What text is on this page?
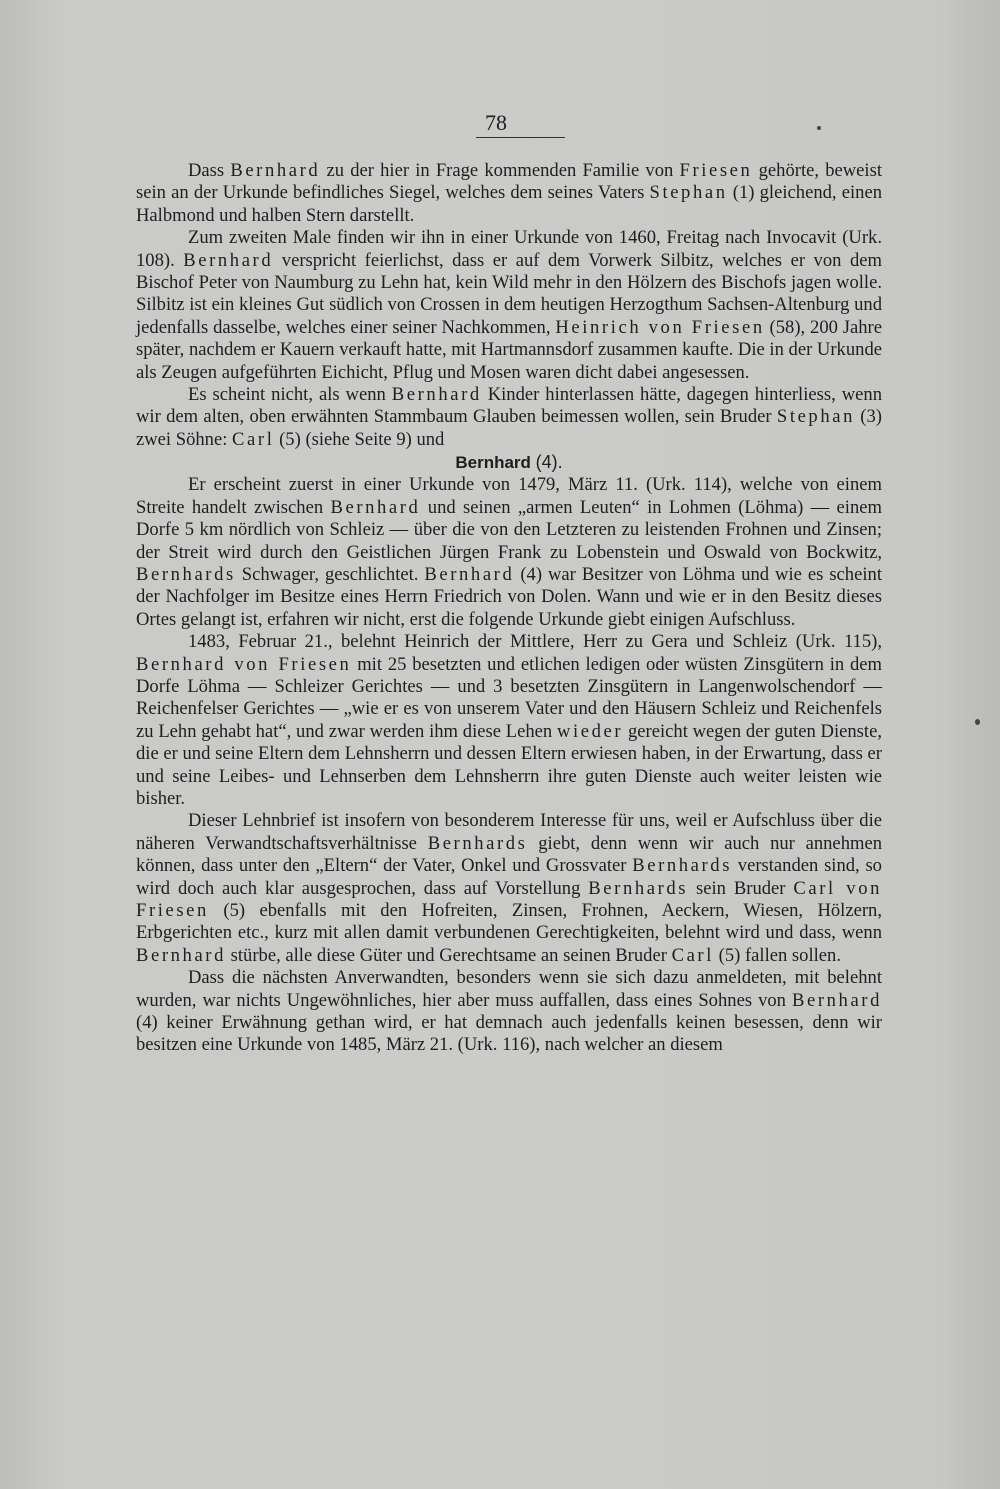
78

Dass Bernhard zu der hier in Frage kommenden Familie von Friesen gehörte, beweist sein an der Urkunde befindliches Siegel, welches dem seines Vaters Stephan (1) gleichend, einen Halbmond und halben Stern darstellt.

Zum zweiten Male finden wir ihn in einer Urkunde von 1460, Freitag nach Invocavit (Urk. 108). Bernhard verspricht feierlichst, dass er auf dem Vorwerk Silbitz, welches er von dem Bischof Peter von Naumburg zu Lehn hat, kein Wild mehr in den Hölzern des Bischofs jagen wolle. Silbitz ist ein kleines Gut südlich von Crossen in dem heutigen Herzogthum Sachsen-Altenburg und jedenfalls dasselbe, welches einer seiner Nachkommen, Heinrich von Friesen (58), 200 Jahre später, nachdem er Kauern verkauft hatte, mit Hartmannsdorf zusammen kaufte. Die in der Urkunde als Zeugen aufgeführten Eichicht, Pflug und Mosen waren dicht dabei angesessen.

Es scheint nicht, als wenn Bernhard Kinder hinterlassen hätte, dagegen hinterliess, wenn wir dem alten, oben erwähnten Stammbaum Glauben beimessen wollen, sein Bruder Stephan (3) zwei Söhne: Carl (5) (siehe Seite 9) und

Bernhard (4).

Er erscheint zuerst in einer Urkunde von 1479, März 11. (Urk. 114), welche von einem Streite handelt zwischen Bernhard und seinen „armen Leuten“ in Lohmen (Löhma) — einem Dorfe 5 km nördlich von Schleiz — über die von den Letzteren zu leistenden Frohnen und Zinsen; der Streit wird durch den Geistlichen Jürgen Frank zu Lobenstein und Oswald von Bockwitz, Bernhards Schwager, geschlichtet. Bernhard (4) war Besitzer von Löhma und wie es scheint der Nachfolger im Besitze eines Herrn Friedrich von Dolen. Wann und wie er in den Besitz dieses Ortes gelangt ist, erfahren wir nicht, erst die folgende Urkunde giebt einigen Aufschluss.

1483, Februar 21., belehnt Heinrich der Mittlere, Herr zu Gera und Schleiz (Urk. 115), Bernhard von Friesen mit 25 besetzten und etlichen ledigen oder wüsten Zinsgütern in dem Dorfe Löhma — Schleizer Gerichtes — und 3 besetzten Zinsgütern in Langenwolschendorf — Reichenfelser Gerichtes — „wie er es von unserem Vater und den Häusern Schleiz und Reichenfels zu Lehn gehabt hat“, und zwar werden ihm diese Lehen wieder gereicht wegen der guten Dienste, die er und seine Eltern dem Lehnsherrn und dessen Eltern erwiesen haben, in der Erwartung, dass er und seine Leibes- und Lehnserben dem Lehnsherrn ihre guten Dienste auch weiter leisten wie bisher.

Dieser Lehnbrief ist insofern von besonderem Interesse für uns, weil er Aufschluss über die näheren Verwandtschaftsverhältnisse Bernhards giebt, denn wenn wir auch nur annehmen können, dass unter den „Eltern“ der Vater, Onkel und Grossvater Bernhards verstanden sind, so wird doch auch klar ausgesprochen, dass auf Vorstellung Bernhards sein Bruder Carl von Friesen (5) ebenfalls mit den Hofreiten, Zinsen, Frohnen, Aeckern, Wiesen, Hölzern, Erbgerichten etc., kurz mit allen damit verbundenen Gerechtigkeiten, belehnt wird und dass, wenn Bernhard stürbe, alle diese Güter und Gerechtsame an seinen Bruder Carl (5) fallen sollen.

Dass die nächsten Anverwandten, besonders wenn sie sich dazu anmeldeten, mit belehnt wurden, war nichts Ungewöhnliches, hier aber muss auffallen, dass eines Sohnes von Bernhard (4) keiner Erwähnung gethan wird, er hat demnach auch jedenfalls keinen besessen, denn wir besitzen eine Urkunde von 1485, März 21. (Urk. 116), nach welcher an diesem
